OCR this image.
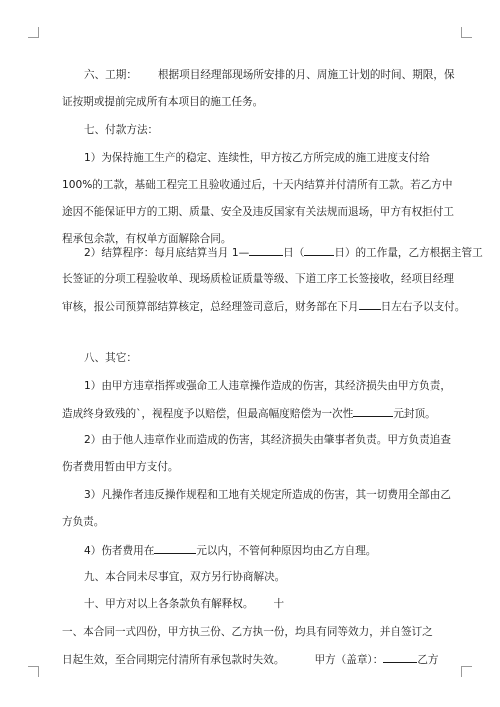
六、工期： 根据项目经理部现场所安排的月、周施工计划的时间、期限，保
证按期或提前完成所有本项目的施工任务。
七、付款方法：
1）为保持施工生产的稳定、连续性，甲方按乙方所完成的施工进度支付给
100%的工款，基础工程完工且验收通过后，十天内结算并付清所有工款。若乙方中
途因不能保证甲方的工期、质量、安全及违反国家有关法规而退场，甲方有权拒付工
程承包余款，有权单方面解除合同。
2）结算程序：每月底结算当月 1—	日（	日）的工作量，乙方根据主管工
长签证的分项工程验收单、现场质检证质量等级、下道工序工长签接收，经项目经理
审核，报公司预算部结算核定，总经理签司意后，财务部在下月 日左右予以支付。
八、其它：
1）由甲方违章指挥或强命工人违章操作造成的伤害，其经济损失由甲方负责，
造成终身致残的`，视程度予以赔偿，但最高幅度赔偿为一次性	元封顶。
2）由于他人违章作业而造成的伤害，其经济损失由肇事者负责。甲方负责追查
伤者费用暂由甲方支付。
3）凡操作者违反操作规程和工地有关规定所造成的伤害，其一切费用全部由乙
方负责。
4）伤者费用在	元以内，不管何种原因均由乙方自理。
九、本合同未尽事宜，双方另行协商解决。
十、甲方对以上各条款负有解释权。 十
一、本合同一式四份，甲方执三份、乙方执一份，均具有同等效力，并自签订之
日起生效，至合同期完付清所有承包款时失效。	甲方（盖章）：	乙方
